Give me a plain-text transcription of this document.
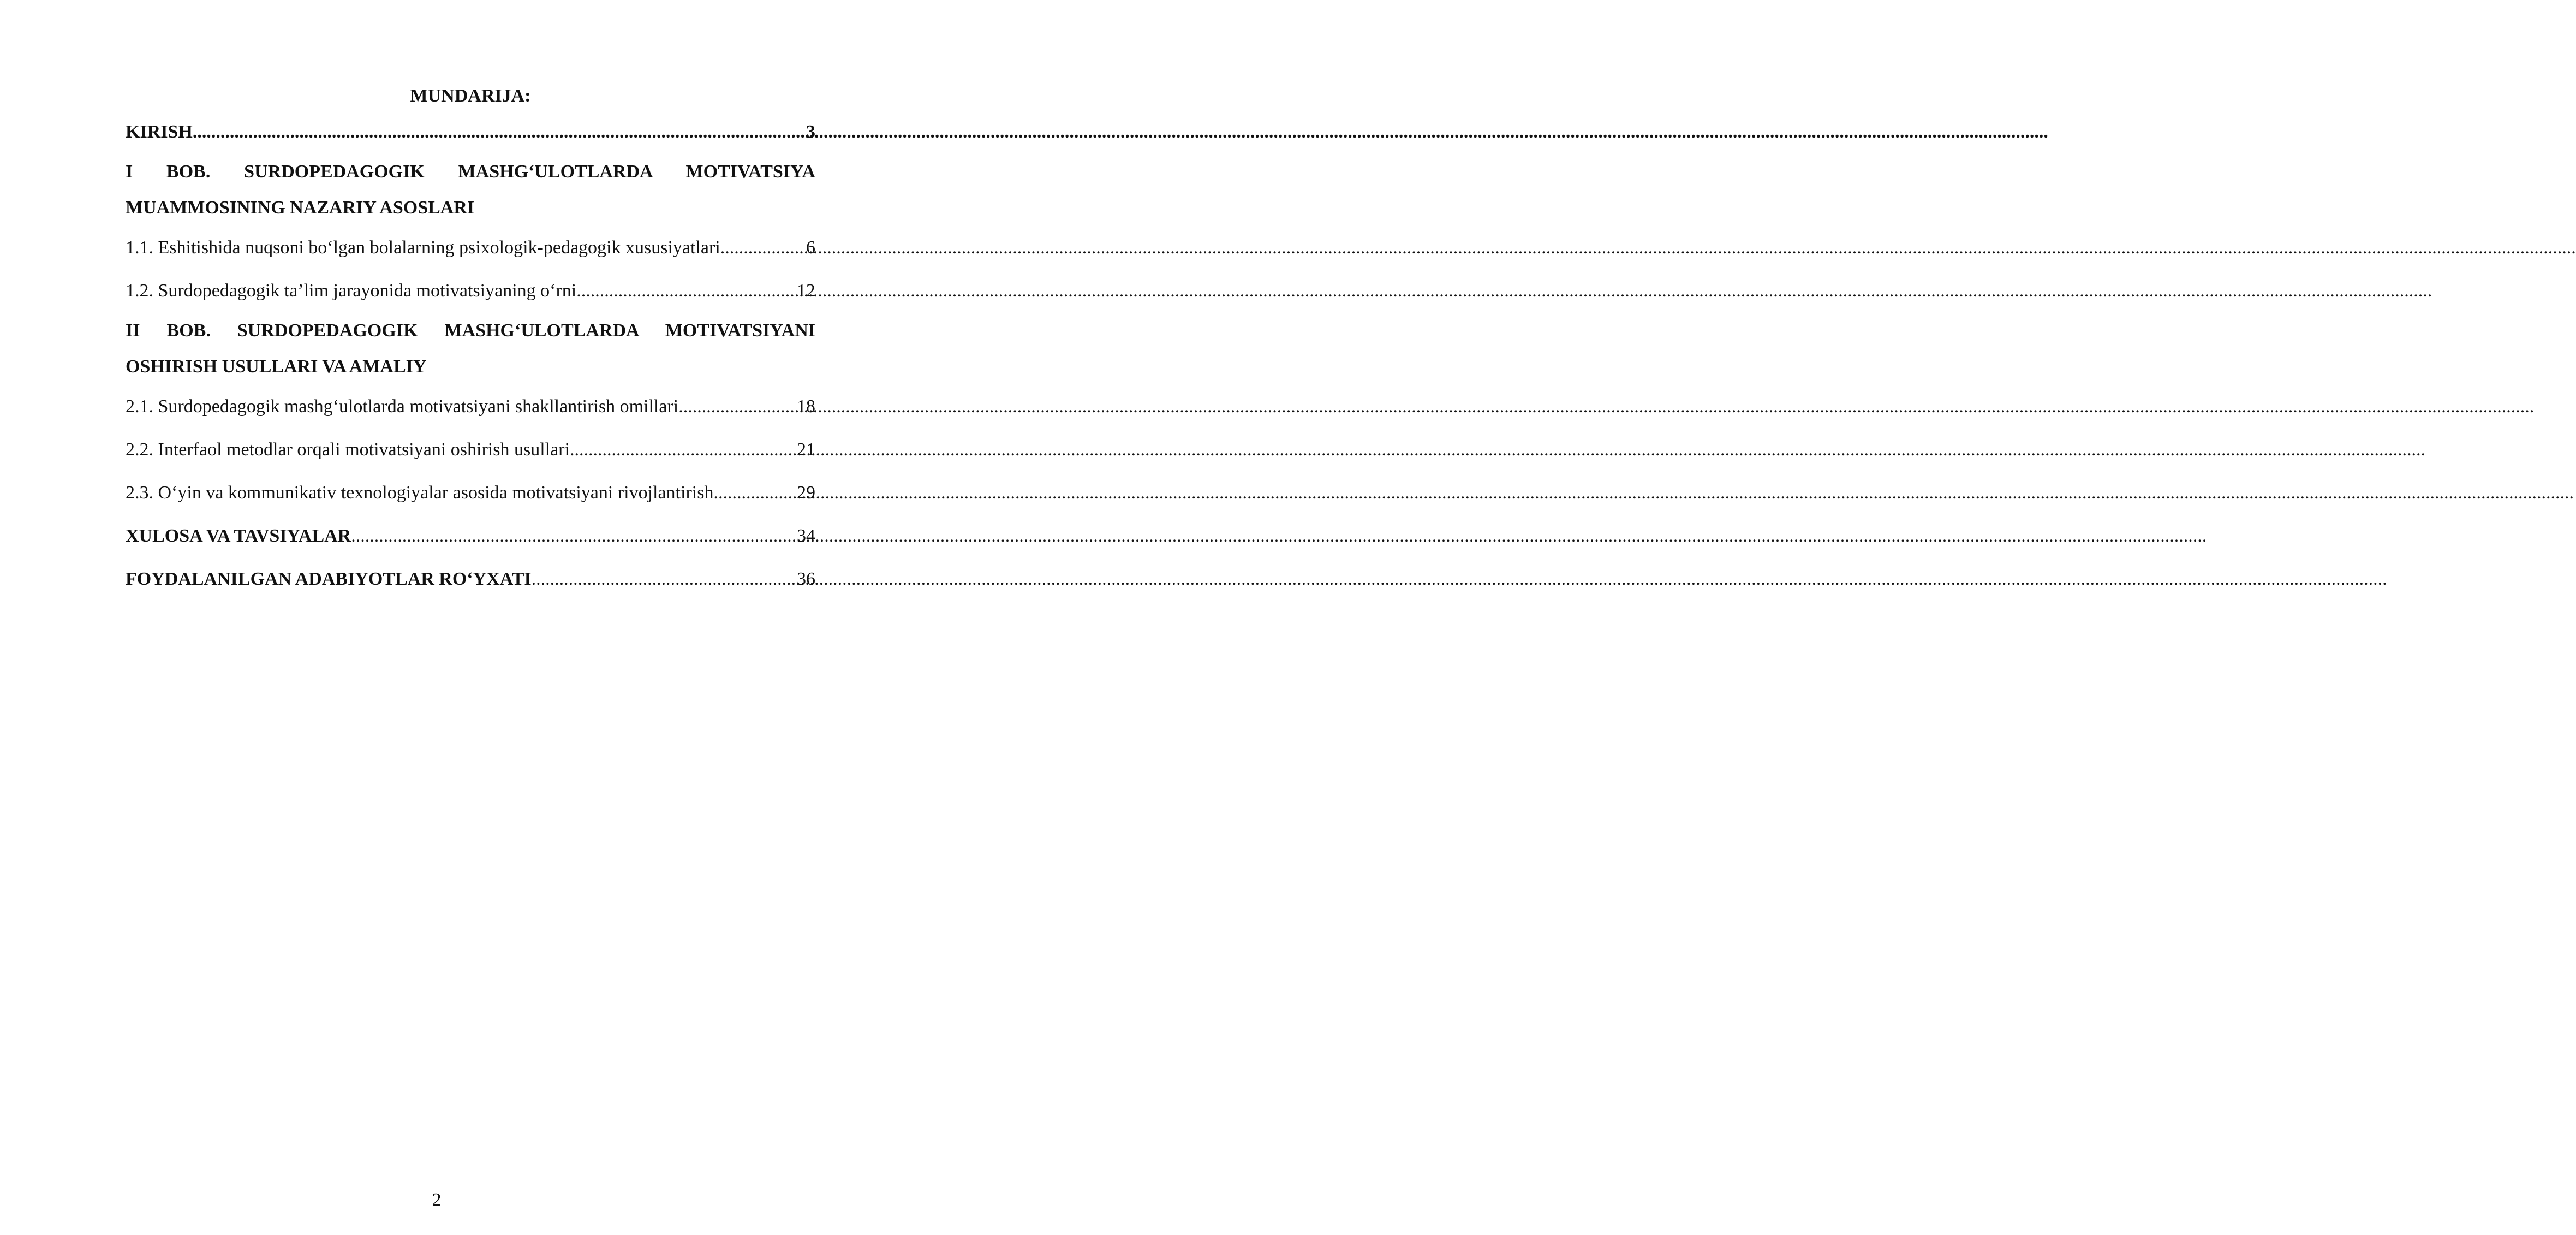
MUNDARIJA:
KIRISH .....	3
I BOB. SURDOPEDAGOGIK MASHG‘ULOTLARDA MOTIVATSIYA
MUAMMOSINING NAZARIY ASOSLARI
1.1. Eshitishida nuqsoni bo‘lgan bolalarning psixologik-pedagogik xususiyatlari .....	6
1.2. Surdopedagogik ta’lim jarayonida motivatsiyaning o‘rni .....	12
II BOB. SURDOPEDAGOGIK MASHG‘ULOTLARDA MOTIVATSIYANI
OSHIRISH USULLARI VA AMALIY
2.1. Surdopedagogik mashg‘ulotlarda motivatsiyani shakllantirish omillari .....	18
2.2. Interfaol metodlar orqali motivatsiyani oshirish usullari .....	21
2.3. O‘yin va kommunikativ texnologiyalar asosida motivatsiyani rivojlantirish. .....	29
XULOSA VA TAVSIYALAR .....	34
FOYDALANILGAN ADABIYOTLAR RO‘YXATI .....	36
2
